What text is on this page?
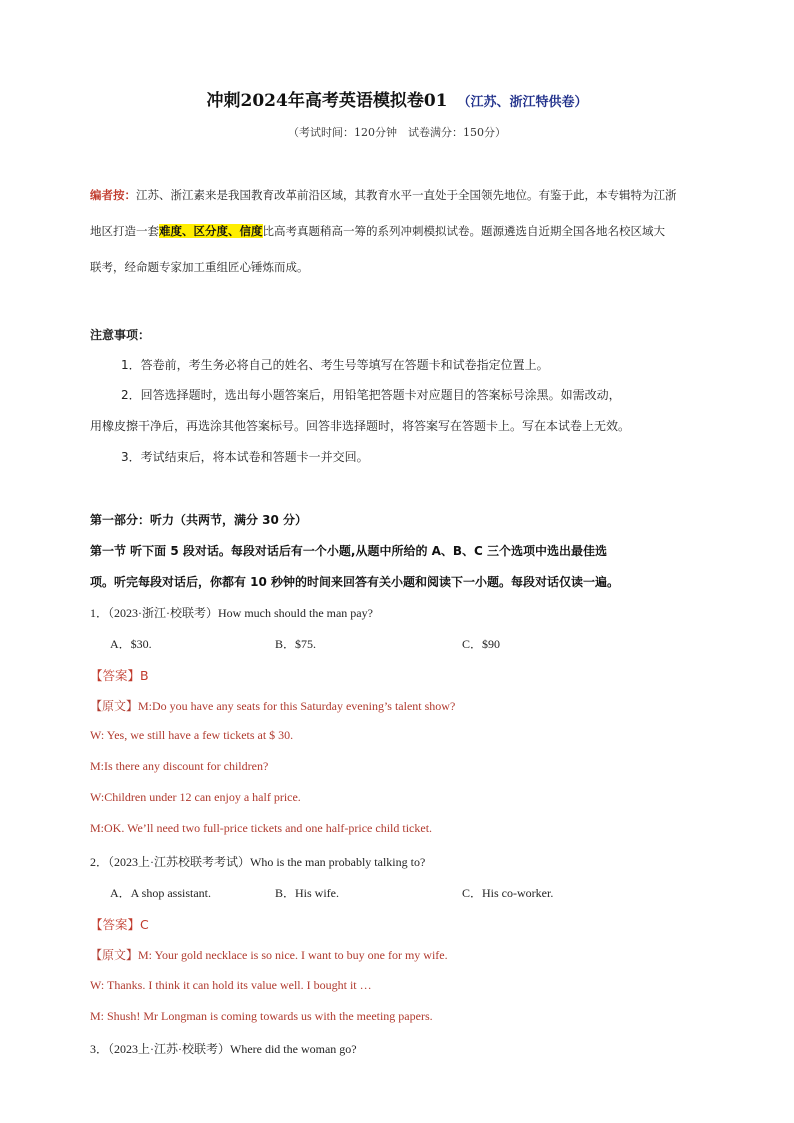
冲刺2024年高考英语模拟卷01 （江苏、浙江特供卷）
（考试时间：120分钟　试卷满分：150分）
编者按：江苏、浙江素来是我国教育改革前沿区域，其教育水平一直处于全国领先地位。有鉴于此，本专辑特为江浙
地区打造一套难度、区分度、信度比高考真题稍高一筹的系列冲刺模拟试卷。题源遴选自近期全国各地名校区域大
联考，经命题专家加工重组匠心锤炼而成。
注意事项：
1．答卷前，考生务必将自己的姓名、考生号等填写在答题卡和试卷指定位置上。
2．回答选择题时，选出每小题答案后，用铅笔把答题卡对应题目的答案标号涂黑。如需改动，
用橡皮擦干净后，再选涂其他答案标号。回答非选择题时，将答案写在答题卡上。写在本试卷上无效。
3．考试结束后，将本试卷和答题卡一并交回。
第一部分：听力（共两节，满分 30 分）
第一节 听下面 5 段对话。每段对话后有一个小题,从题中所给的 A、B、C 三个选项中选出最佳选
项。听完每段对话后，你都有 10 秒钟的时间来回答有关小题和阅读下一小题。每段对话仅读一遍。
1．（2023·浙江·校联考）How much should the man pay?
A．$30.	B．$75.	C．$90
【答案】B
【原文】M:Do you have any seats for this Saturday evening’s talent show?
W: Yes, we still have a few tickets at $ 30.
M:Is there any discount for children?
W:Children under 12 can enjoy a half price.
M:OK. We’ll need two full-price tickets and one half-price child ticket.
2．（2023上·江苏校联考考试）Who is the man probably talking to?
A．A shop assistant.	B．His wife.	C．His co-worker.
【答案】C
【原文】M: Your gold necklace is so nice. I want to buy one for my wife.
W: Thanks. I think it can hold its value well. I bought it …
M: Shush! Mr Longman is coming towards us with the meeting papers.
3．（2023上·江苏·校联考）Where did the woman go?
